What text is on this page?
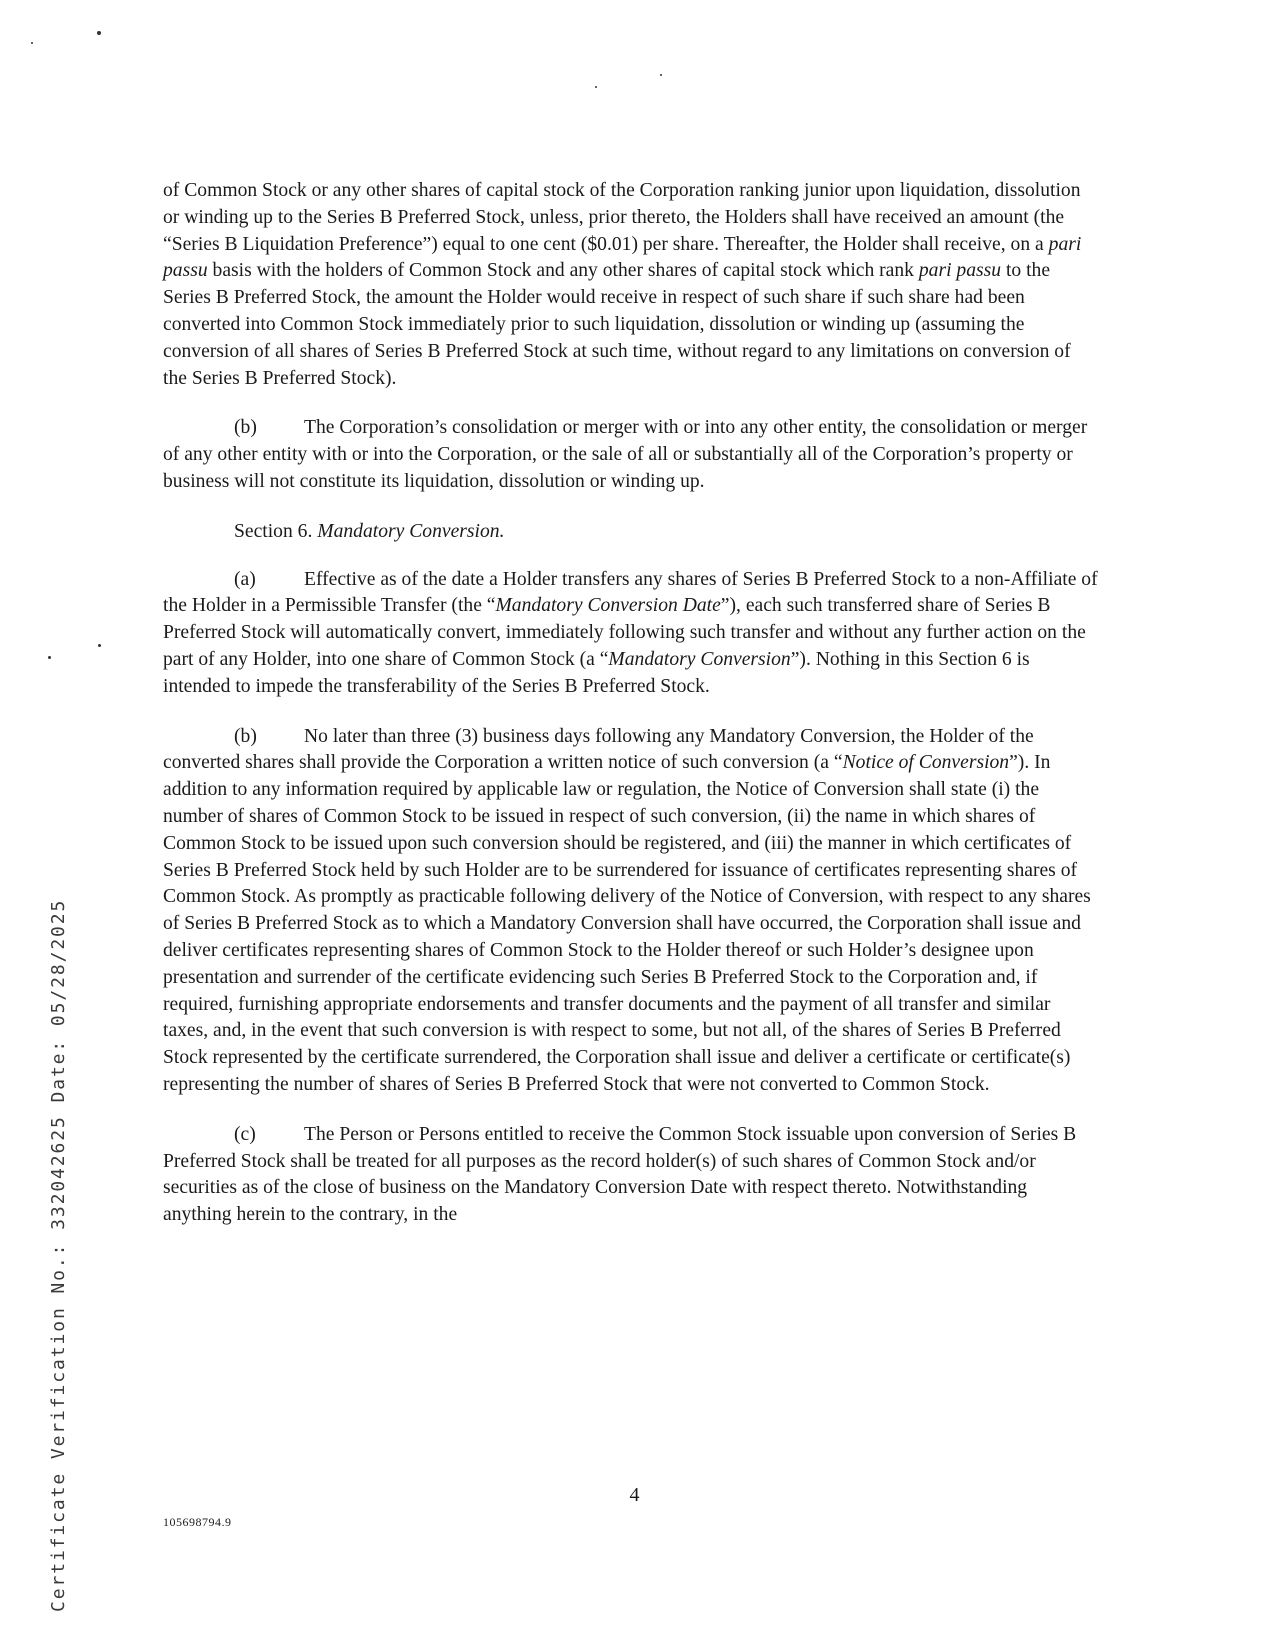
of Common Stock or any other shares of capital stock of the Corporation ranking junior upon liquidation, dissolution or winding up to the Series B Preferred Stock, unless, prior thereto, the Holders shall have received an amount (the “Series B Liquidation Preference”) equal to one cent ($0.01) per share. Thereafter, the Holder shall receive, on a pari passu basis with the holders of Common Stock and any other shares of capital stock which rank pari passu to the Series B Preferred Stock, the amount the Holder would receive in respect of such share if such share had been converted into Common Stock immediately prior to such liquidation, dissolution or winding up (assuming the conversion of all shares of Series B Preferred Stock at such time, without regard to any limitations on conversion of the Series B Preferred Stock).

(b) The Corporation’s consolidation or merger with or into any other entity, the consolidation or merger of any other entity with or into the Corporation, or the sale of all or substantially all of the Corporation’s property or business will not constitute its liquidation, dissolution or winding up.

Section 6. Mandatory Conversion.

(a) Effective as of the date a Holder transfers any shares of Series B Preferred Stock to a non-Affiliate of the Holder in a Permissible Transfer (the “Mandatory Conversion Date”), each such transferred share of Series B Preferred Stock will automatically convert, immediately following such transfer and without any further action on the part of any Holder, into one share of Common Stock (a “Mandatory Conversion”). Nothing in this Section 6 is intended to impede the transferability of the Series B Preferred Stock.

(b) No later than three (3) business days following any Mandatory Conversion, the Holder of the converted shares shall provide the Corporation a written notice of such conversion (a “Notice of Conversion”). In addition to any information required by applicable law or regulation, the Notice of Conversion shall state (i) the number of shares of Common Stock to be issued in respect of such conversion, (ii) the name in which shares of Common Stock to be issued upon such conversion should be registered, and (iii) the manner in which certificates of Series B Preferred Stock held by such Holder are to be surrendered for issuance of certificates representing shares of Common Stock. As promptly as practicable following delivery of the Notice of Conversion, with respect to any shares of Series B Preferred Stock as to which a Mandatory Conversion shall have occurred, the Corporation shall issue and deliver certificates representing shares of Common Stock to the Holder thereof or such Holder’s designee upon presentation and surrender of the certificate evidencing such Series B Preferred Stock to the Corporation and, if required, furnishing appropriate endorsements and transfer documents and the payment of all transfer and similar taxes, and, in the event that such conversion is with respect to some, but not all, of the shares of Series B Preferred Stock represented by the certificate surrendered, the Corporation shall issue and deliver a certificate or certificate(s) representing the number of shares of Series B Preferred Stock that were not converted to Common Stock.

(c) The Person or Persons entitled to receive the Common Stock issuable upon conversion of Series B Preferred Stock shall be treated for all purposes as the record holder(s) of such shares of Common Stock and/or securities as of the close of business on the Mandatory Conversion Date with respect thereto. Notwithstanding anything herein to the contrary, in the

4
105698794.9
Certificate Verification No.: 332042625 Date: 05/28/2025
